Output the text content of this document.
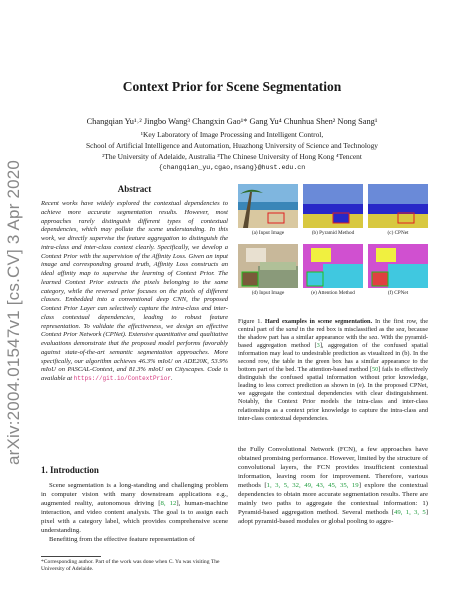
arXiv:2004.01547v1 [cs.CV] 3 Apr 2020
Context Prior for Scene Segmentation
Changqian Yu¹˒² Jingbo Wang³ Changxin Gao¹* Gang Yu⁴ Chunhua Shen² Nong Sang¹
¹Key Laboratory of Image Processing and Intelligent Control,
School of Artificial Intelligence and Automation, Huazhong University of Science and Technology
²The University of Adelaide, Australia ³The Chinese University of Hong Kong ⁴Tencent
{changqian_yu,cgao,nsang}@hust.edu.cn
Abstract
Recent works have widely explored the contextual dependencies to achieve more accurate segmentation results. However, most approaches rarely distinguish different types of contextual dependencies, which may pollute the scene understanding. In this work, we directly supervise the feature aggregation to distinguish the intra-class and inter-class context clearly. Specifically, we develop a Context Prior with the supervision of the Affinity Loss. Given an input image and corresponding ground truth, Affinity Loss constructs an ideal affinity map to supervise the learning of Context Prior. The learned Context Prior extracts the pixels belonging to the same category, while the reversed prior focuses on the pixels of different classes. Embedded into a conventional deep CNN, the proposed Context Prior Layer can selectively capture the intra-class and inter-class contextual dependencies, leading to robust feature representation. To validate the effectiveness, we design an effective Context Prior Network (CPNet). Extensive quantitative and qualitative evaluations demonstrate that the proposed model performs favorably against state-of-the-art semantic segmentation approaches. More specifically, our algorithm achieves 46.3% mIoU on ADE20K, 53.9% mIoU on PASCAL-Context, and 81.3% mIoU on Cityscapes. Code is available at https://git.io/ContextPrior.
1. Introduction

Scene segmentation is a long-standing and challenging problem in computer vision with many downstream applications e.g., augmented reality, autonomous driving [8, 12], human-machine interaction, and video content analysis. The goal is to assign each pixel with a category label, which provides comprehensive scene understanding.

Benefiting from the effective feature representation of

*Corresponding author. Part of the work was done when C. Yu was visiting The University of Adelaide.
(a) Input Image	(b) Pyramid Method	(c) CPNet
(d) Input Image	(e) Attention Method	(f) CPNet
Figure 1. Hard examples in scene segmentation. In the first row, the central part of the sand in the red box is misclassified as the sea, because the shadow part has a similar appearance with the sea. With the pyramid-based aggregation method [3], aggregation of the confused spatial information may lead to undesirable prediction as visualized in (b). In the second row, the table in the green box has a similar appearance to the bottom part of the bed. The attention-based method [50] fails to effectively distinguish the confused spatial information without prior knowledge, leading to less correct prediction as shown in (e). In the proposed CPNet, we aggregate the contextual dependencies with clear distinguishment. Notably, the Context Prior models the intra-class and inter-class relationships as a context prior knowledge to capture the intra-class and inter-class contextual dependencies.
the Fully Convolutional Network (FCN), a few approaches have obtained promising performance. However, limited by the structure of convolutional layers, the FCN provides insufficient contextual information, leaving room for improvement. Therefore, various methods [1, 3, 5, 32, 49, 43, 45, 35, 19] explore the contextual dependencies to obtain more accurate segmentation results. There are mainly two paths to aggregate the contextual information: 1) Pyramid-based aggregation method. Several methods [49, 1, 3, 5] adopt pyramid-based modules or global pooling to aggre-
